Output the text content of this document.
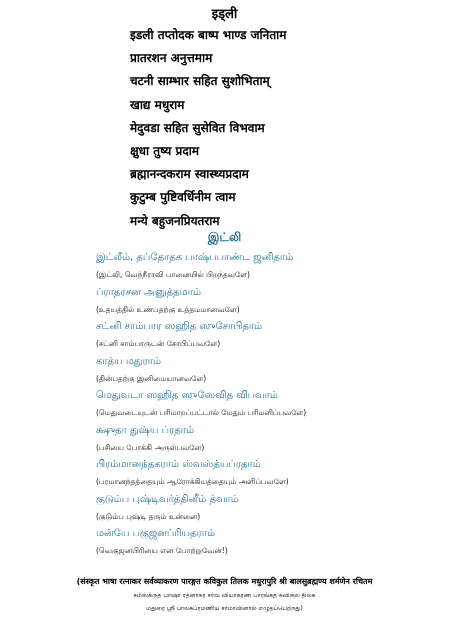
इड्ली
इडली तप्तोदक बाष्प भाण्ड जनिताम
प्रातरशन अनुत्तमाम
चटनी साम्भार सहित सुशोभिताम्
खाद्य मधुराम
मेदुवडा सहित सुसेवित विभवाम
क्षुधा तुष्य प्रदाम
ब्रह्मानन्दकराम स्वास्थ्यप्रदाम
कुटुम्ब पुष्टिवर्धिनीम त्वाम
मन्ये बहुजनप्रियतराम
இட்லி
இட்லீம், தப்தோதக பாஷ்பபாண்ட ஜனிதாம்
(இட்லி, வெந்நீராவி பானையில் பிறந்தவளே)
ப்ராதரசன அனுத்தமாம்
(உதயத்தில் உண்பதற்கு உத்தமமானவளே)
சட்னி சாம்பார ஸஹித ஸுசோபிதாம்
(சட்னி சாம்பாருடன் சோபிப்பவளே)
காத்ய மதுராம்
(தின்பதற்கு இனிமையானவளே)
மெதுவடா ஸஹித ஸுஸேவித விபவாம்
(மெதுவடையுடன் பரிமாறப்பட்டால் மேதும் பரிமளிப்பவளே)
க்ஷுதா துஷ்ய ப்ரதாம்
(பசியை போக்கி அருள்பவளே)
பிரம்மானந்தகராம் ஸ்வஸ்த்யப்ரதாம்
(பரமானந்தத்தையும் ஆரோக்கியத்தையும் அளிப்பவளே)
குடும்ப புஷ்டிவர்த்தினீம் த்வாம்
(குடும்ப புஷ்டி தரும் உன்னை)
மன்யே பகுஜனப்ரியதராம்
(வெகுஜனபிரியை என போற்றுவேன்!)
(संस्कृत भाषा रत्नाकर सर्वव्याकरण पारङ्गत कविकुल तिलक मधुरापुरि श्री बालसुब्रह्मण्य शर्मणेन रचितम
சம்ஸ்க்ருத பாஷா ரத்னாகர சர்வ வியாகரண பாரங்கத கவிகுல திலக
மதுரை ஸ்ரீ பாலசுப்ரமணிய சர்மாவினால் எழுதப்பெற்றது)
